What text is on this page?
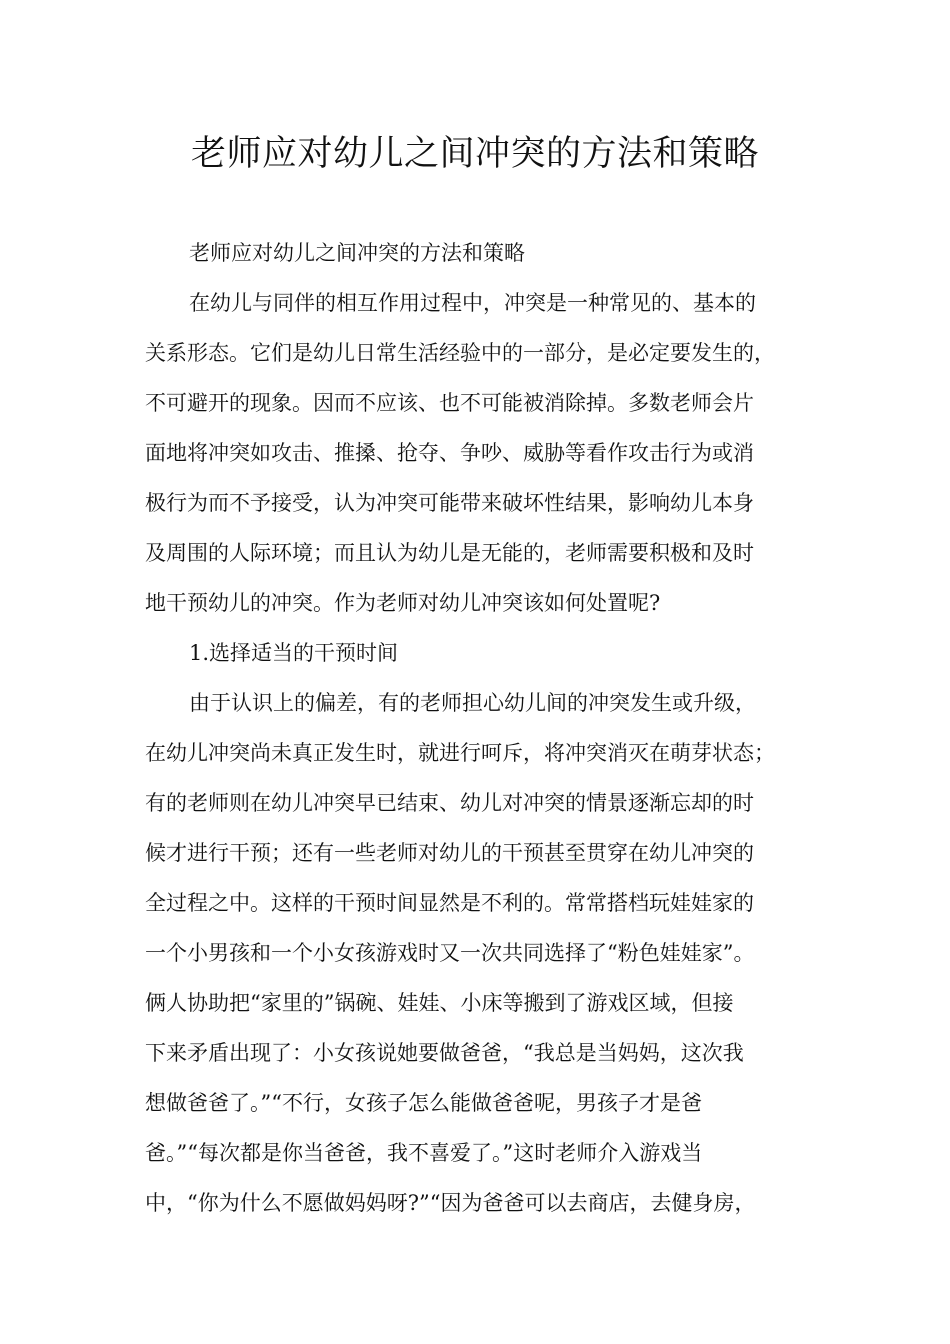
老师应对幼儿之间冲突的方法和策略

老师应对幼儿之间冲突的方法和策略

在幼儿与同伴的相互作用过程中，冲突是一种常见的、基本的
关系形态。它们是幼儿日常生活经验中的一部分，是必定要发生的，
不可避开的现象。因而不应该、也不可能被消除掉。多数老师会片
面地将冲突如攻击、推搡、抢夺、争吵、威胁等看作攻击行为或消
极行为而不予接受，认为冲突可能带来破坏性结果，影响幼儿本身
及周围的人际环境；而且认为幼儿是无能的，老师需要积极和及时
地干预幼儿的冲突。作为老师对幼儿冲突该如何处置呢?

1.选择适当的干预时间

由于认识上的偏差，有的老师担心幼儿间的冲突发生或升级，
在幼儿冲突尚未真正发生时，就进行呵斥，将冲突消灭在萌芽状态；
有的老师则在幼儿冲突早已结束、幼儿对冲突的情景逐渐忘却的时
候才进行干预；还有一些老师对幼儿的干预甚至贯穿在幼儿冲突的
全过程之中。这样的干预时间显然是不利的。常常搭档玩娃娃家的
一个小男孩和一个小女孩游戏时又一次共同选择了“粉色娃娃家”。
俩人协助把“家里的”锅碗、娃娃、小床等搬到了游戏区域，但接
下来矛盾出现了：小女孩说她要做爸爸，“我总是当妈妈，这次我
想做爸爸了。”“不行，女孩子怎么能做爸爸呢，男孩子才是爸
爸。”“每次都是你当爸爸，我不喜爱了。”这时老师介入游戏当
中，“你为什么不愿做妈妈呀?”“因为爸爸可以去商店，去健身房，
